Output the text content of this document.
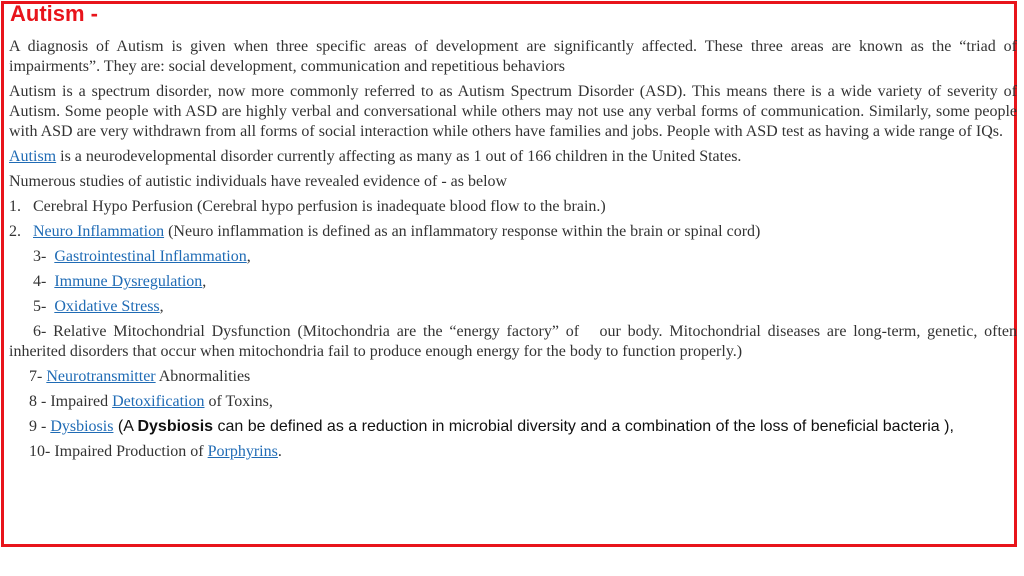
Autism -

A diagnosis of Autism is given when three specific areas of development are significantly affected. These three areas are known as the “triad of impairments”. They are: social development, communication and repetitious behaviors

Autism is a spectrum disorder, now more commonly referred to as Autism Spectrum Disorder (ASD). This means there is a wide variety of severity of Autism. Some people with ASD are highly verbal and conversational while others may not use any verbal forms of communication. Similarly, some people with ASD are very withdrawn from all forms of social interaction while others have families and jobs. People with ASD test as having a wide range of IQs.

Autism is a neurodevelopmental disorder currently affecting as many as 1 out of 166 children in the United States.

Numerous studies of autistic individuals have revealed evidence of - as below

1.   Cerebral Hypo Perfusion (Cerebral hypo perfusion is inadequate blood flow to the brain.)

2.   Neuro Inflammation (Neuro inflammation is defined as an inflammatory response within the brain or spinal cord)

3-  Gastrointestinal Inflammation,

4-  Immune Dysregulation,

5-  Oxidative Stress,

6- Relative Mitochondrial Dysfunction (Mitochondria are the “energy factory” of   our body. Mitochondrial diseases are long-term, genetic, often inherited disorders that occur when mitochondria fail to produce enough energy for the body to function properly.)

7- Neurotransmitter Abnormalities

8 - Impaired Detoxification of Toxins,

9 - Dysbiosis (A Dysbiosis can be defined as a reduction in microbial diversity and a combination of the loss of beneficial bacteria ),

10- Impaired Production of Porphyrins.
